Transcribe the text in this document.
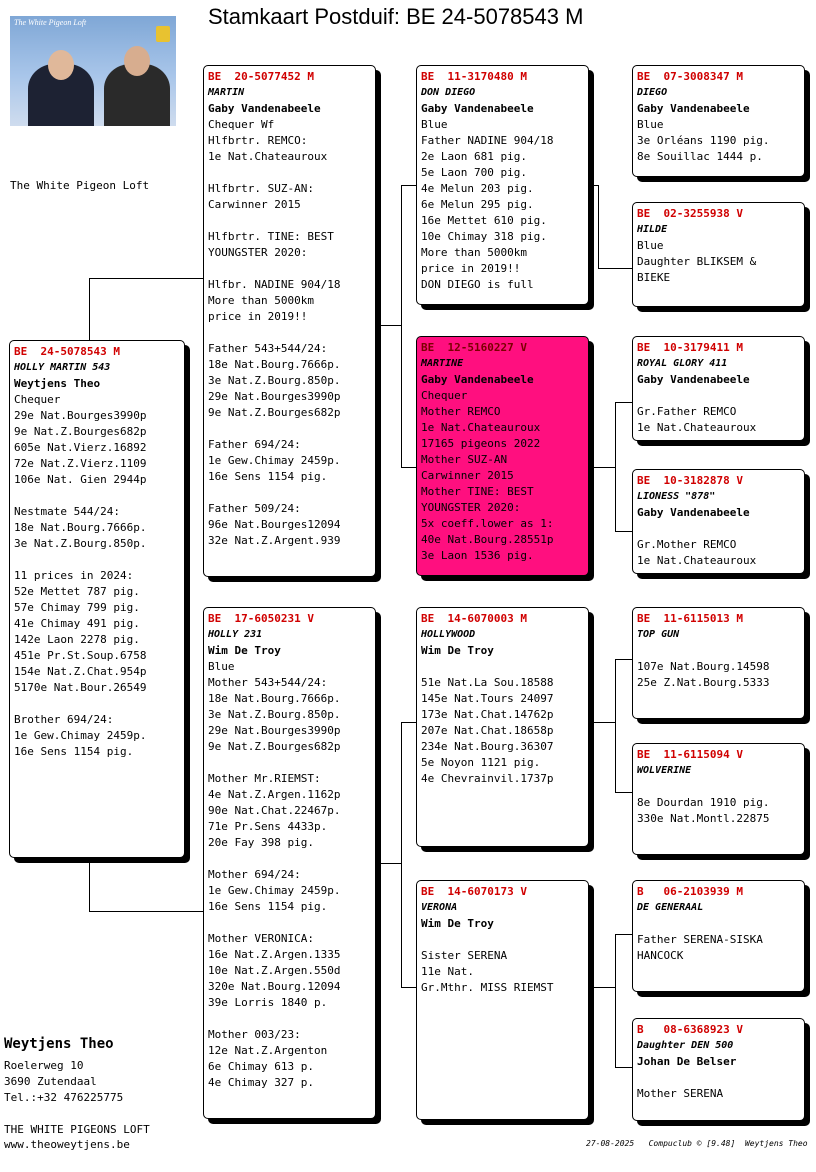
Stamkaart Postduif: BE 24-5078543 M
The White Pigeon Loft
The White Pigeon Loft
BE  24-5078543 M
HOLLY MARTIN 543
Weytjens Theo
Chequer
29e Nat.Bourges3990p
9e Nat.Z.Bourges682p
605e Nat.Vierz.16892
72e Nat.Z.Vierz.1109
106e Nat. Gien 2944p
Nestmate 544/24:
18e Nat.Bourg.7666p.
3e Nat.Z.Bourg.850p.
11 prices in 2024:
52e Mettet 787 pig.
57e Chimay 799 pig.
41e Chimay 491 pig.
142e Laon 2278 pig.
451e Pr.St.Soup.6758
154e Nat.Z.Chat.954p
5170e Nat.Bour.26549
Brother 694/24:
1e Gew.Chimay 2459p.
16e Sens 1154 pig.
BE  20-5077452 M
MARTIN
Gaby Vandenabeele
Chequer Wf
Hlfbrtr. REMCO:
1e Nat.Chateauroux
Hlfbrtr. SUZ-AN:
Carwinner 2015
Hlfbrtr. TINE: BEST
YOUNGSTER 2020:
Hlfbr. NADINE 904/18
More than 5000km
price in 2019!!
Father 543+544/24:
18e Nat.Bourg.7666p.
3e Nat.Z.Bourg.850p.
29e Nat.Bourges3990p
9e Nat.Z.Bourges682p
Father 694/24:
1e Gew.Chimay 2459p.
16e Sens 1154 pig.
Father 509/24:
96e Nat.Bourges12094
32e Nat.Z.Argent.939
BE  17-6050231 V
HOLLY 231
Wim De Troy
Blue
Mother 543+544/24:
18e Nat.Bourg.7666p.
3e Nat.Z.Bourg.850p.
29e Nat.Bourges3990p
9e Nat.Z.Bourges682p
Mother Mr.RIEMST:
4e Nat.Z.Argen.1162p
90e Nat.Chat.22467p.
71e Pr.Sens 4433p.
20e Fay 398 pig.
Mother 694/24:
1e Gew.Chimay 2459p.
16e Sens 1154 pig.
Mother VERONICA:
16e Nat.Z.Argen.1335
10e Nat.Z.Argen.550d
320e Nat.Bourg.12094
39e Lorris 1840 p.
Mother 003/23:
12e Nat.Z.Argenton
6e Chimay 613 p.
4e Chimay 327 p.
BE  11-3170480 M
DON DIEGO
Gaby Vandenabeele
Blue
Father NADINE 904/18
2e Laon 681 pig.
5e Laon 700 pig.
4e Melun 203 pig.
6e Melun 295 pig.
16e Mettet 610 pig.
10e Chimay 318 pig.
More than 5000km
price in 2019!!
DON DIEGO is full
BE  12-5160227 V
MARTINE
Gaby Vandenabeele
Chequer
Mother REMCO
1e Nat.Chateauroux
17165 pigeons 2022
Mother SUZ-AN
Carwinner 2015
Mother TINE: BEST
YOUNGSTER 2020:
5x coeff.lower as 1:
40e Nat.Bourg.28551p
3e Laon 1536 pig.
BE  14-6070003 M
HOLLYWOOD
Wim De Troy
51e Nat.La Sou.18588
145e Nat.Tours 24097
173e Nat.Chat.14762p
207e Nat.Chat.18658p
234e Nat.Bourg.36307
5e Noyon 1121 pig.
4e Chevrainvil.1737p
BE  14-6070173 V
VERONA
Wim De Troy
Sister SERENA
11e Nat.
Gr.Mthr. MISS RIEMST
BE  07-3008347 M
DIEGO
Gaby Vandenabeele
Blue
3e Orléans 1190 pig.
8e Souillac 1444 p.
BE  02-3255938 V
HILDE
Blue
Daughter BLIKSEM &
BIEKE
BE  10-3179411 M
ROYAL GLORY 411
Gaby Vandenabeele
Gr.Father REMCO
1e Nat.Chateauroux
BE  10-3182878 V
LIONESS "878"
Gaby Vandenabeele
Gr.Mother REMCO
1e Nat.Chateauroux
BE  11-6115013 M
TOP GUN
107e Nat.Bourg.14598
25e Z.Nat.Bourg.5333
BE  11-6115094 V
WOLVERINE
8e Dourdan 1910 pig.
330e Nat.Montl.22875
B   06-2103939 M
DE GENERAAL
Father SERENA-SISKA
HANCOCK
B   08-6368923 V
Daughter DEN 500
Johan De Belser
Mother SERENA
Weytjens Theo
Roelerweg 10
3690 Zutendaal
Tel.:+32 476225775
THE WHITE PIGEONS LOFT
www.theoweytjens.be	27-08-2025   Compuclub © [9.48]  Weytjens Theo
